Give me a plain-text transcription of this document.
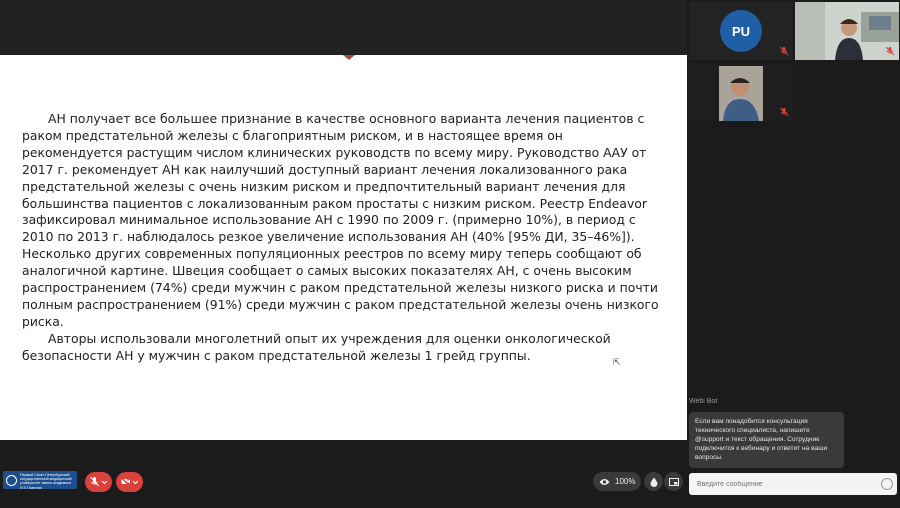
АН получает все большее признание в качестве основного варианта лечения пациентов с раком предстательной железы с благоприятным риском, и в настоящее время он рекомендуется растущим числом клинических руководств по всему миру. Руководство ААУ от 2017 г. рекомендует АН как наилучший доступный вариант лечения локализованного рака предстательной железы с очень низким риском и предпочтительный вариант лечения для большинства пациентов с локализованным раком простаты с низким риском. Реестр Endeavor зафиксировал минимальное использование АН с 1990 по 2009 г. (примерно 10%), в период с 2010 по 2013 г. наблюдалось резкое увеличение использования АН (40% [95% ДИ, 35–46%]). Несколько других современных популяционных реестров по всему миру теперь сообщают об аналогичной картине. Швеция сообщает о самых высоких показателях АН, с очень высоким распространением (74%) среди мужчин с раком предстательной железы низкого риска и почти полным распространением (91%) среди мужчин с раком предстательной железы очень низкого риска.

Авторы использовали многолетний опыт их учреждения для оценки онкологической безопасности АН у мужчин с раком предстательной железы 1 грейд группы.	⇱
PU
Webi Bot
Если вам понадобится консультация технического специалиста, напишите @support и текст обращения. Сотрудник подключится к вебинару и ответит на ваши вопросы.
Введите сообщение
Первый Санкт-Петербургский государственный медицинский университет имени академика И.П.Павлова
100%
